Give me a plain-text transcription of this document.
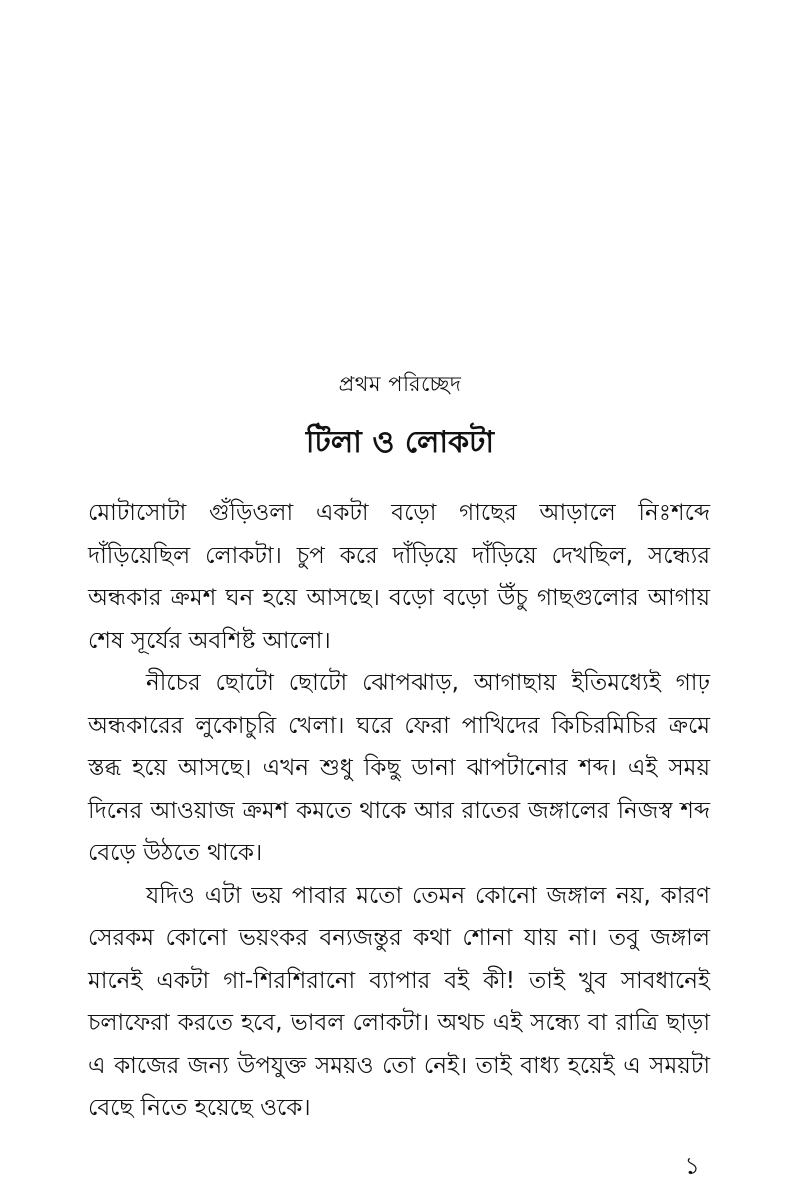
প্রথম পরিচ্ছেদ
টিলা ও লোকটা

মোটাসোটা গুঁড়িওলা একটা বড়ো গাছের আড়ালে নিঃশব্দে দাঁড়িয়েছিল লোকটা। চুপ করে দাঁড়িয়ে দাঁড়িয়ে দেখছিল, সন্ধ্যের অন্ধকার ক্রমশ ঘন হয়ে আসছে। বড়ো বড়ো উঁচু গাছগুলোর আগায় শেষ সূর্যের অবশিষ্ট আলো।

নীচের ছোটো ছোটো ঝোপঝাড়, আগাছায় ইতিমধ্যেই গাঢ় অন্ধকারের লুকোচুরি খেলা। ঘরে ফেরা পাখিদের কিচিরমিচির ক্রমে স্তব্ধ হয়ে আসছে। এখন শুধু কিছু ডানা ঝাপটানোর শব্দ। এই সময় দিনের আওয়াজ ক্রমশ কমতে থাকে আর রাতের জঙ্গালের নিজস্ব শব্দ বেড়ে উঠতে থাকে।

যদিও এটা ভয় পাবার মতো তেমন কোনো জঙ্গাল নয়, কারণ সেরকম কোনো ভয়ংকর বন্যজন্তুর কথা শোনা যায় না। তবু জঙ্গাল মানেই একটা গা-শিরশিরানো ব্যাপার বই কী! তাই খুব সাবধানেই চলাফেরা করতে হবে, ভাবল লোকটা। অথচ এই সন্ধ্যে বা রাত্রি ছাড়া এ কাজের জন্য উপযুক্ত সময়ও তো নেই। তাই বাধ্য হয়েই এ সময়টা বেছে নিতে হয়েছে ওকে।

১
